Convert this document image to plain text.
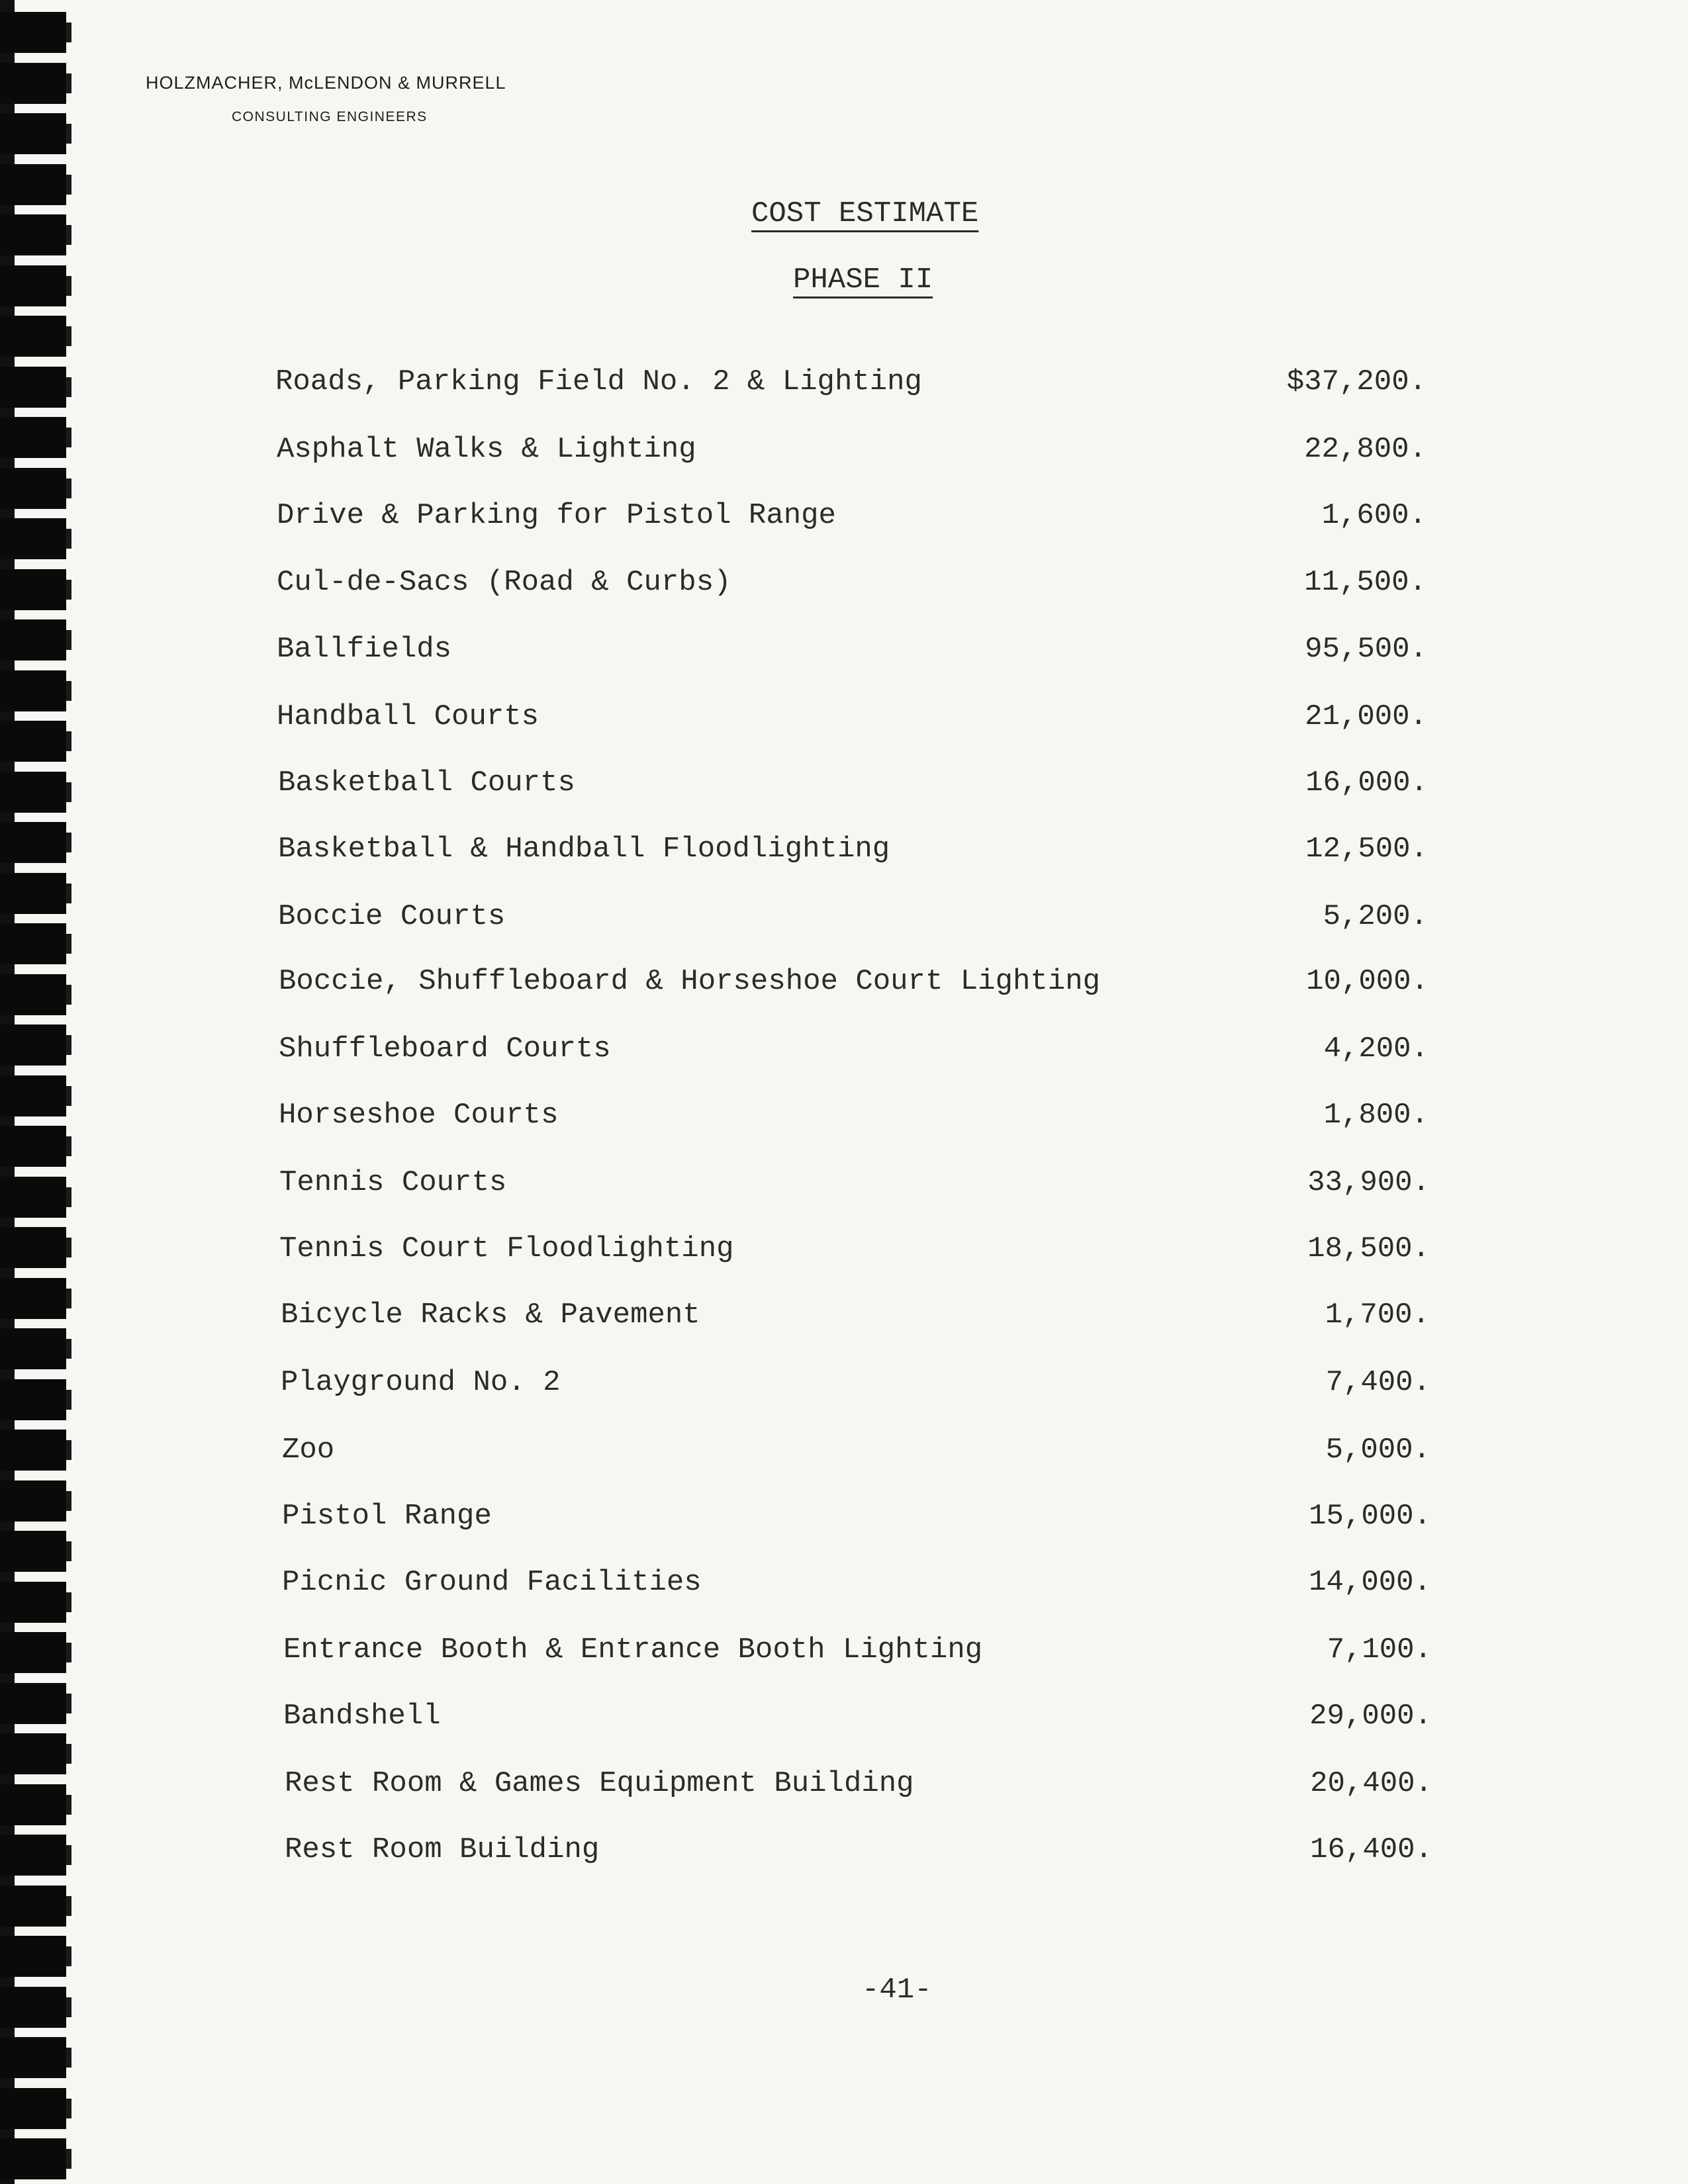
HOLZMACHER, McLENDON & MURRELL
CONSULTING ENGINEERS
COST ESTIMATE
PHASE II
Roads, Parking Field No. 2 & Lighting	$37,200.
Asphalt Walks & Lighting	22,800.
Drive & Parking for Pistol Range	1,600.
Cul-de-Sacs (Road & Curbs)	11,500.
Ballfields	95,500.
Handball Courts	21,000.
Basketball Courts	16,000.
Basketball & Handball Floodlighting	12,500.
Boccie Courts	5,200.
Boccie, Shuffleboard & Horseshoe Court Lighting	10,000.
Shuffleboard Courts	4,200.
Horseshoe Courts	1,800.
Tennis Courts	33,900.
Tennis Court Floodlighting	18,500.
Bicycle Racks & Pavement	1,700.
Playground No. 2	7,400.
Zoo	5,000.
Pistol Range	15,000.
Picnic Ground Facilities	14,000.
Entrance Booth & Entrance Booth Lighting	7,100.
Bandshell	29,000.
Rest Room & Games Equipment Building	20,400.
Rest Room Building	16,400.
-41-
